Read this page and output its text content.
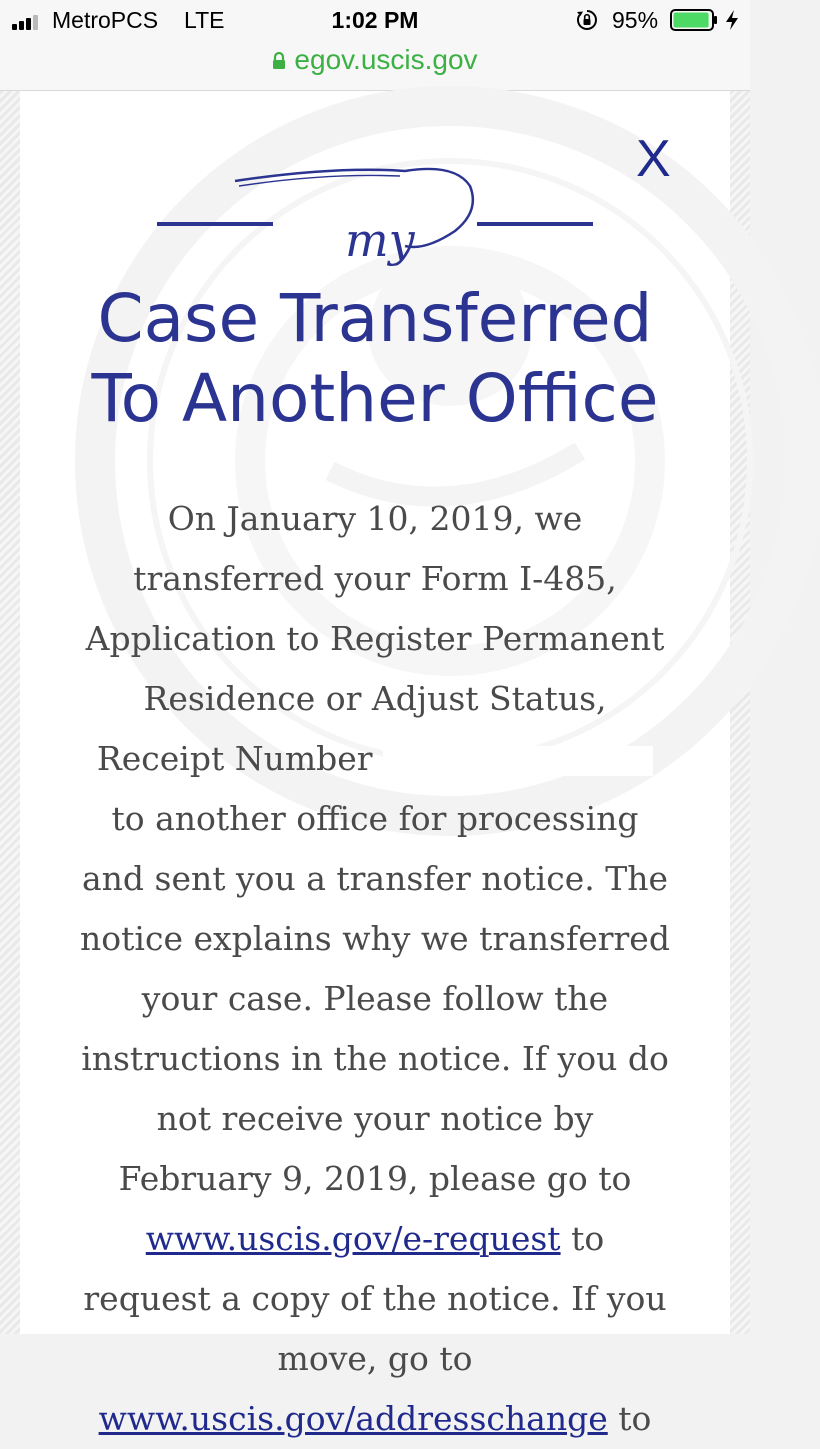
MetroPCS LTE	1:02 PM	95%
egov.uscis.gov
X
my
Case Transferred
To Another Office
On January 10, 2019, we transferred your Form I-485, Application to Register Permanent Residence or Adjust Status, Receipt Number  to another office for processing and sent you a transfer notice. The notice explains why we transferred your case. Please follow the instructions in the notice. If you do not receive your notice by February 9, 2019, please go to www.uscis.gov/e-request to request a copy of the notice. If you move, go to www.uscis.gov/addresschange to
